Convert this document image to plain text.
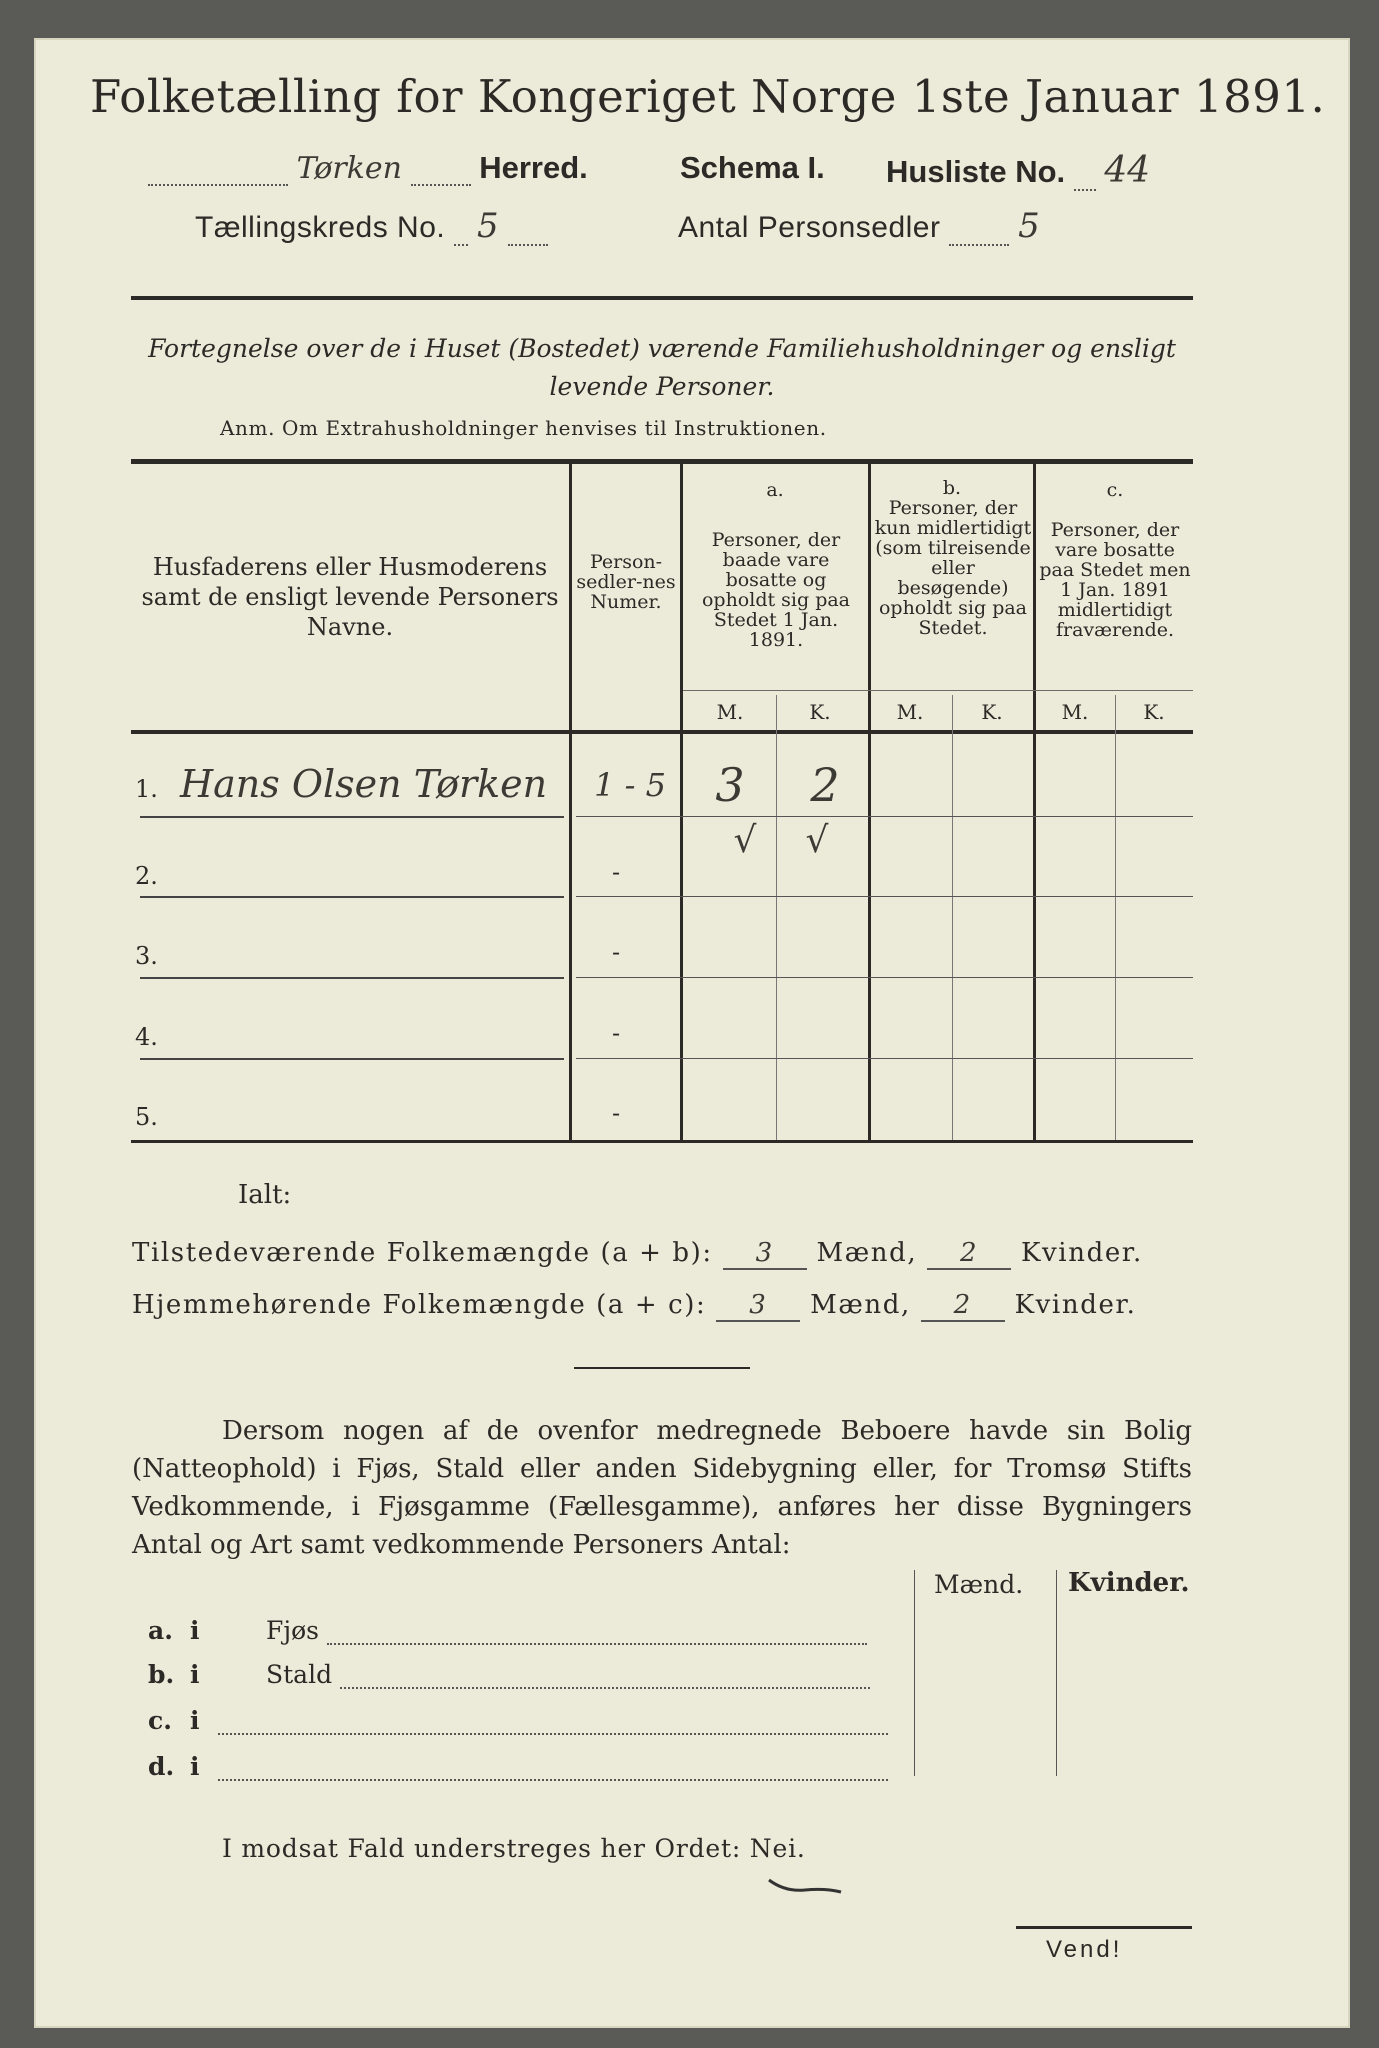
Folketælling for Kongeriget Norge 1ste Januar 1891.
Tørken Herred.	Schema I. Husliste No. 44
Tællingskreds No. 5	Antal Personsedler 5
Fortegnelse over de i Huset (Bostedet) værende Familiehusholdninger og ensligt
levende Personer.
Anm. Om Extrahusholdninger henvises til Instruktionen.
Husfaderens eller Husmoderens samt de ensligt levende Personers Navne.
Person-sedler-nes Numer.
a.
Personer, der baade vare bosatte og opholdt sig paa Stedet 1 Jan. 1891.
b.
Personer, der kun midlertidigt (som tilreisende eller besøgende) opholdt sig paa Stedet.
c.
Personer, der vare bosatte paa Stedet men 1 Jan. 1891 midlertidigt fraværende.
M.	K.	M.	K.	M.	K.
1. Hans Olsen Tørken 1 - 5	3	2
√	√
2.	-
3.	-
4.	-
5.	-
Ialt:
Tilstedeværende Folkemængde (a + b): 3 Mænd, 2 Kvinder.
Hjemmehørende Folkemængde (a + c): 3 Mænd, 2 Kvinder.
Dersom nogen af de ovenfor medregnede Beboere havde sin Bolig (Natteophold) i Fjøs, Stald eller anden Sidebygning eller, for Tromsø Stifts Vedkommende, i Fjøsgamme (Fællesgamme), anføres her disse Bygningers Antal og Art samt vedkommende Personers Antal:
Mænd. Kvinder.
a. i	Fjøs
b. i	Stald
c. i
d. i
I modsat Fald understreges her Ordet: Nei.
Vend!
